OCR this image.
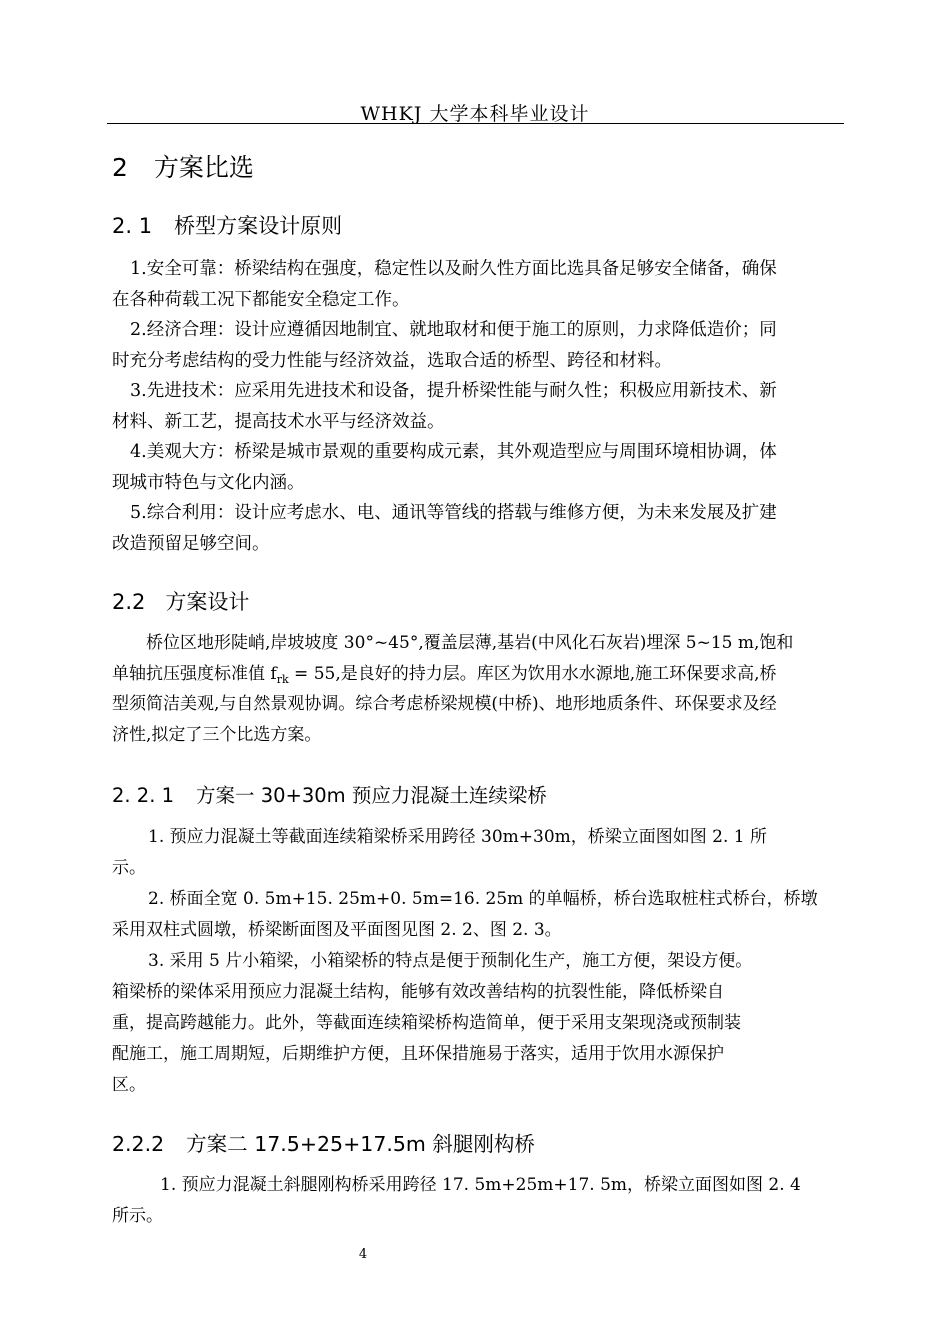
WHKJ 大学本科毕业设计
2 方案比选
2. 1 桥型方案设计原则
1.安全可靠：桥梁结构在强度，稳定性以及耐久性方面比选具备足够安全储备，确保
在各种荷载工况下都能安全稳定工作。
2.经济合理：设计应遵循因地制宜、就地取材和便于施工的原则，力求降低造价；同
时充分考虑结构的受力性能与经济效益，选取合适的桥型、跨径和材料。
3.先进技术：应采用先进技术和设备，提升桥梁性能与耐久性；积极应用新技术、新
材料、新工艺，提高技术水平与经济效益。
4.美观大方：桥梁是城市景观的重要构成元素，其外观造型应与周围环境相协调，体
现城市特色与文化内涵。
5.综合利用：设计应考虑水、电、通讯等管线的搭载与维修方便，为未来发展及扩建
改造预留足够空间。
2.2 方案设计
桥位区地形陡峭,岸坡坡度 30°~45°,覆盖层薄,基岩(中风化石灰岩)埋深 5~15 m,饱和
单轴抗压强度标准值 $f_{rk} = 55$,是良好的持力层。库区为饮用水水源地,施工环保要求高,桥
型须简洁美观,与自然景观协调。综合考虑桥梁规模(中桥)、地形地质条件、环保要求及经
济性,拟定了三个比选方案。
2. 2. 1 方案一 30+30m 预应力混凝土连续梁桥
1. 预应力混凝土等截面连续箱梁桥采用跨径 30m+30m，桥梁立面图如图 2. 1 所
示。
2. 桥面全宽 0. 5m+15. 25m+0. 5m=16. 25m 的单幅桥，桥台选取桩柱式桥台，桥墩
采用双柱式圆墩，桥梁断面图及平面图见图 2. 2、图 2. 3。
3. 采用 5 片小箱梁，小箱梁桥的特点是便于预制化生产，施工方便，架设方便。
箱梁桥的梁体采用预应力混凝土结构，能够有效改善结构的抗裂性能，降低桥梁自
重，提高跨越能力。此外，等截面连续箱梁桥构造简单，便于采用支架现浇或预制装
配施工，施工周期短，后期维护方便，且环保措施易于落实，适用于饮用水源保护
区。
2.2.2 方案二 17.5+25+17.5m 斜腿刚构桥
1. 预应力混凝土斜腿刚构桥采用跨径 17. 5m+25m+17. 5m，桥梁立面图如图 2. 4
所示。
4
